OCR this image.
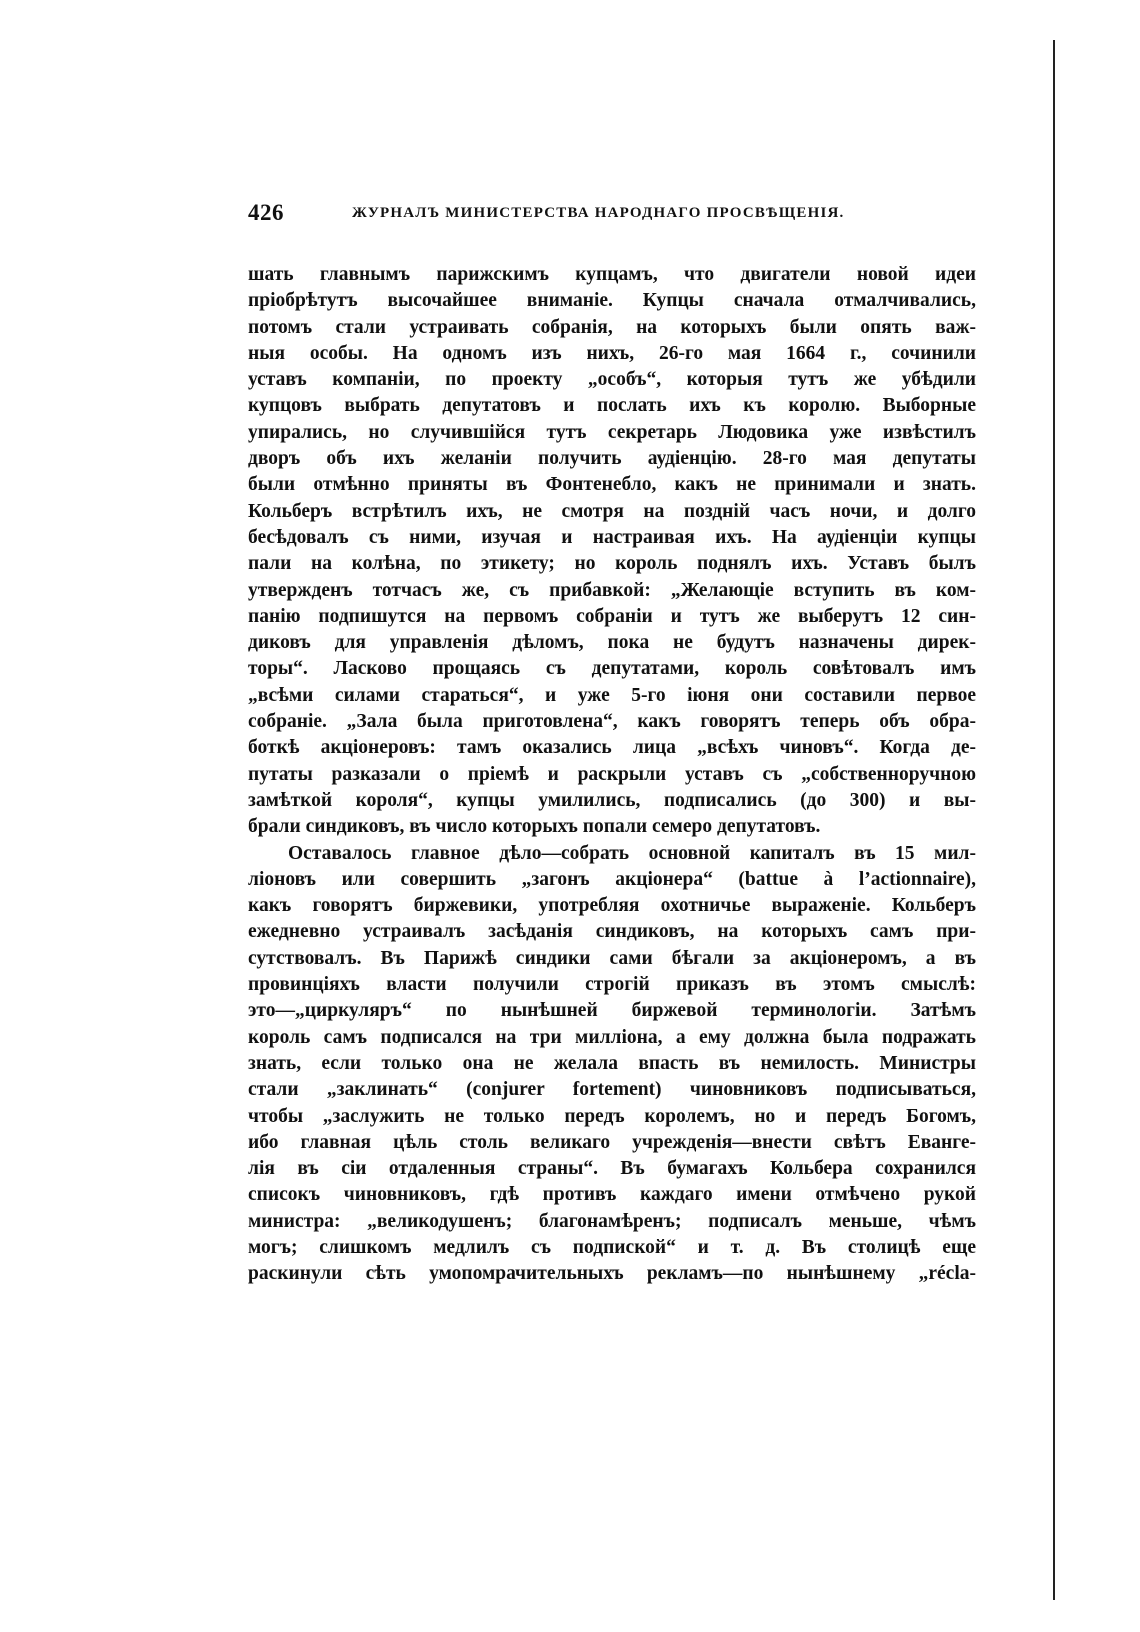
426	ЖУРНАЛЪ МИНИСТЕРСТВА НАРОДНАГО ПРОСВѢЩЕНІЯ.
шать главнымъ парижскимъ купцамъ, что двигатели новой идеи
пріобрѣтутъ высочайшее вниманіе. Купцы сначала отмалчивались,
потомъ стали устраивать собранія, на которыхъ были опять важ-
ныя особы. На одномъ изъ нихъ, 26-го мая 1664 г., сочинили
уставъ компаніи, по проекту „особъ“, которыя тутъ же убѣдили
купцовъ выбрать депутатовъ и послать ихъ къ королю. Выборные
упирались, но случившійся тутъ секретарь Людовика уже извѣстилъ
дворъ объ ихъ желаніи получить аудіенцію. 28-го мая депутаты
были отмѣнно приняты въ Фонтенебло, какъ не принимали и знать.
Кольберъ встрѣтилъ ихъ, не смотря на поздній часъ ночи, и долго
бесѣдовалъ съ ними, изучая и настраивая ихъ. На аудіенціи купцы
пали на колѣна, по этикету; но король поднялъ ихъ. Уставъ былъ
утвержденъ тотчасъ же, съ прибавкой: „Желающіе вступить въ ком-
панію подпишутся на первомъ собраніи и тутъ же выберутъ 12 син-
диковъ для управленія дѣломъ, пока не будутъ назначены дирек-
торы“. Ласково прощаясь съ депутатами, король совѣтовалъ имъ
„всѣми силами стараться“, и уже 5-го іюня они составили первое
собраніе. „Зала была приготовлена“, какъ говорятъ теперь объ обра-
боткѣ акціонеровъ: тамъ оказались лица „всѣхъ чиновъ“. Когда де-
путаты разказали о пріемѣ и раскрыли уставъ съ „собственноручною
замѣткой короля“, купцы умилились, подписались (до 300) и вы-
брали синдиковъ, въ число которыхъ попали семеро депутатовъ.
Оставалось главное дѣло—собрать основной капиталъ въ 15 мил-
ліоновъ или совершить „загонъ акціонера“ (battue à l’actionnaire),
какъ говорятъ биржевики, употребляя охотничье выраженіе. Кольберъ
ежедневно устраивалъ засѣданія синдиковъ, на которыхъ самъ при-
сутствовалъ. Въ Парижѣ синдики сами бѣгали за акціонеромъ, а въ
провинціяхъ власти получили строгій приказъ въ этомъ смыслѣ:
это—„циркуляръ“ по нынѣшней биржевой терминологіи. Затѣмъ
король самъ подписался на три милліона, а ему должна была подражать
знать, если только она не желала впасть въ немилость. Министры
стали „заклинать“ (conjurer fortement) чиновниковъ подписываться,
чтобы „заслужить не только передъ королемъ, но и передъ Богомъ,
ибо главная цѣль столь великаго учрежденія—внести свѣтъ Еванге-
лія въ сіи отдаленныя страны“. Въ бумагахъ Кольбера сохранился
списокъ чиновниковъ, гдѣ противъ каждаго имени отмѣчено рукой
министра: „великодушенъ; благонамѣренъ; подписалъ меньше, чѣмъ
могъ; слишкомъ медлилъ съ подпиской“ и т. д. Въ столицѣ еще
раскинули сѣть умопомрачительныхъ рекламъ—по нынѣшнему „récla-
